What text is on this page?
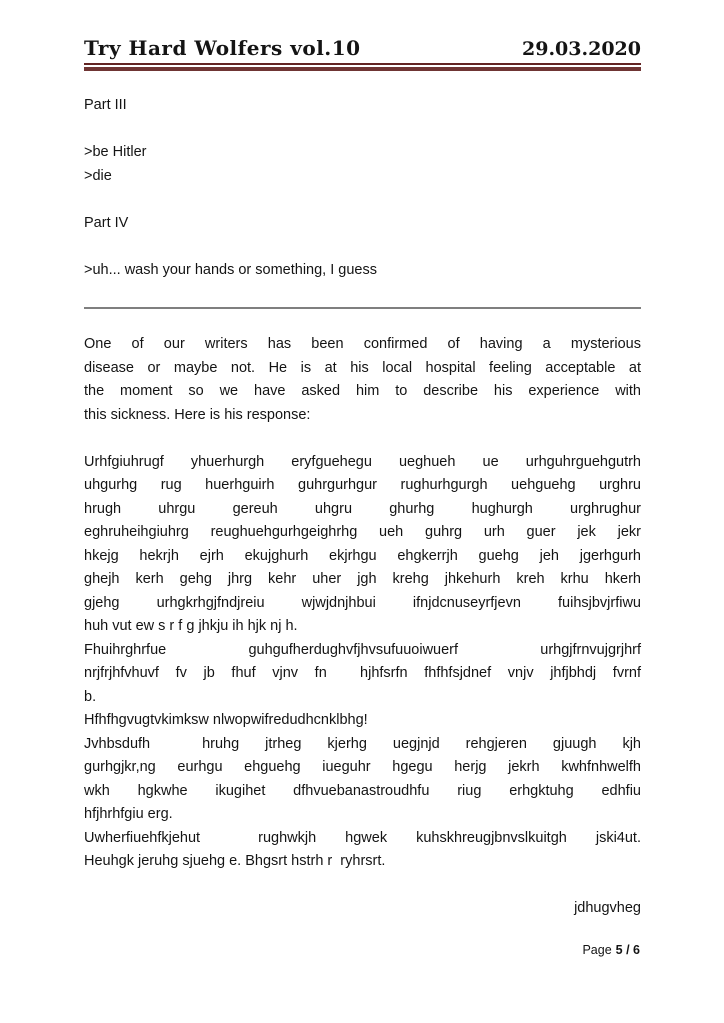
Try Hard Wolfers vol.10	29.03.2020
Part III
>be Hitler
>die
Part IV
>uh... wash your hands or something, I guess
One of our writers has been confirmed of having a mysterious
disease or maybe not. He is at his local hospital feeling acceptable at
the moment so we have asked him to describe his experience with
this sickness. Here is his response:
Urhfgiuhrugf yhuerhurgh eryfguehegu ueghueh ue urhguhrguehgutrh
uhgurhg rug huerhguirh guhrgurhgur rughurhgurgh uehguehg urghru
hrugh uhrgu gereuh uhgru ghurhg hughurgh urghrughur
eghruheihgiuhrg reughuehgurhgeighrhg ueh guhrg urh guer jek jekr
hkejg hekrjh ejrh ekujghurh ekjrhgu ehgkerrjh guehg jeh jgerhgurh
ghejh kerh gehg jhrg kehr uher jgh krehg jhkehurh kreh krhu hkerh
gjehg urhgkrhgjfndjreiu wjwjdnjhbui ifnjdcnuseyrfjevn fuihsjbvjrfiwu
huh vut ew s r f g jhkju ih hjk nj h.
Fhuihrghrfue guhgufherdughvfjhvsufuuoiwuerf urhgjfrnvujgrjhrf
nrjfrjhfvhuvf fv jb fhuf vjnv fn  hjhfsrfn fhfhfsjdnef vnjv jhfjbhdj fvrnf
b.
Hfhfhgvugtvkimksw nlwopwifredudhcnklbhg!
Jvhbsdufh  hruhg jtrheg kjerhg uegjnjd rehgjeren gjuugh kjh
gurhgjkr,ng eurhgu ehguehg iueguhr hgegu herjg jekrh kwhfnhwelfh
wkh hgkwhe ikugihet dfhvuebanastroudhfu riug erhgktuhg edhfiu
hfjhrhfgiu erg.
Uwherfiuehfkjehut  rughwkjh hgwek kuhskhreugjbnvslkuitgh jski4ut.
Heuhgk jeruhg sjuehg e. Bhgsrt hstrh r  ryhrsrt.
jdhugvheg
Page 5 / 6
